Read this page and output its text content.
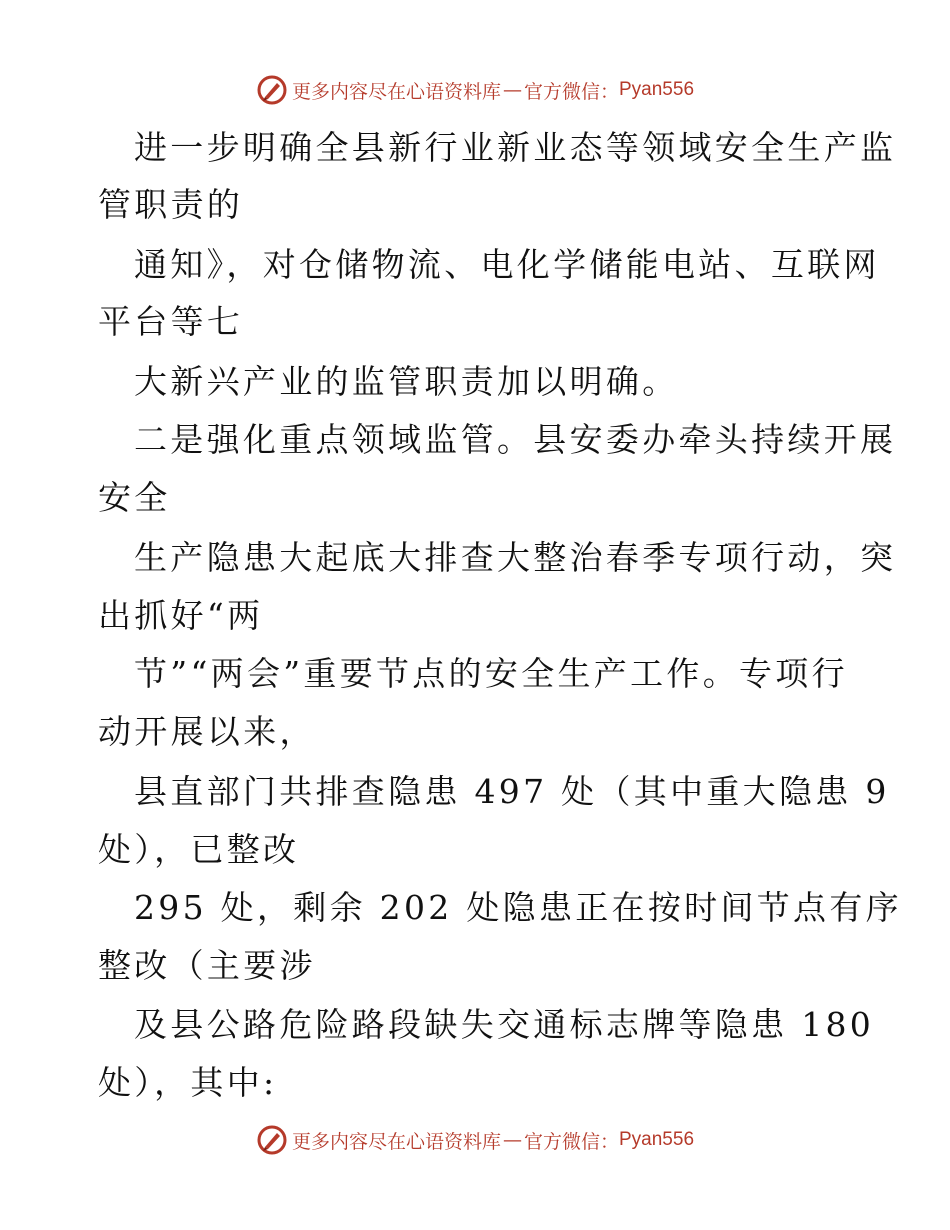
更多内容尽在心语资料库 — 官方微信： Pyan556
进一步明确全县新行业新业态等领域安全生产监
管职责的
通知》，对仓储物流、电化学储能电站、互联网
平台等七
大新兴产业的监管职责加以明确。
二是强化重点领域监管。县安委办牵头持续开展
安全
生产隐患大起底大排查大整治春季专项行动，突
出抓好“两
节”“两会”重要节点的安全生产工作。专项行
动开展以来，
县直部门共排查隐患 497 处（其中重大隐患 9
处），已整改
295 处，剩余 202 处隐患正在按时间节点有序
整改（主要涉
及县公路危险路段缺失交通标志牌等隐患 180
处），其中:
更多内容尽在心语资料库 — 官方微信： Pyan556
